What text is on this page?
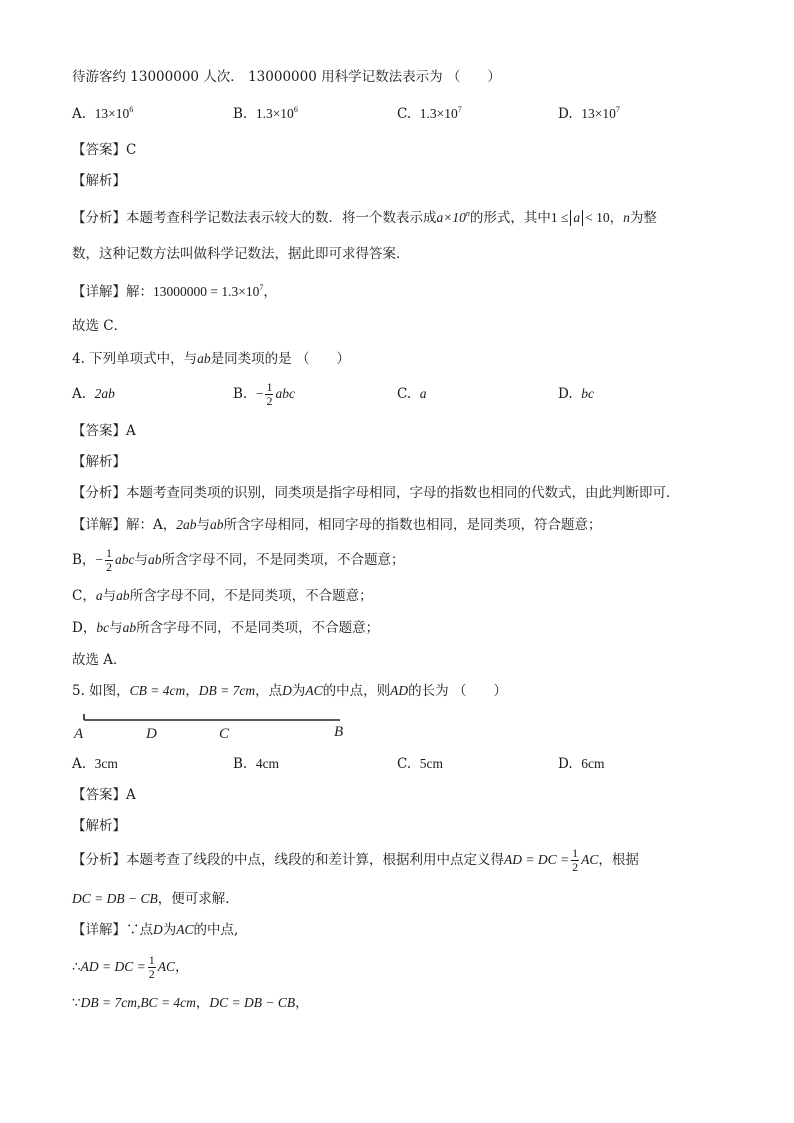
待游客约 13000000 人次． 13000000 用科学记数法表示为 （　　）
A. $13\times 10^6$	B. $1.3\times 10^6$	C. $1.3\times 10^7$	D. $13\times 10^7$
【答案】C
【解析】
【分析】本题考查科学记数法表示较大的数．将一个数表示成$a\times 10^n$的形式，其中1 ≤ a < 10，n为整
数，这种记数方法叫做科学记数法，据此即可求得答案．
【详解】解：$13000000 = 1.3\times 10^7$，
故选 C．
4. 下列单项式中，与ab是同类项的是 （　　）
A. 2ab	B. − $\frac{1}{2}$ abc	C. a	D. bc
【答案】A
【解析】
【分析】本题考查同类项的识别，同类项是指字母相同，字母的指数也相同的代数式，由此判断即可．
【详解】解：A，2ab与ab所含字母相同，相同字母的指数也相同，是同类项，符合题意；
B，− $\frac{1}{2}$ abc与ab所含字母不同，不是同类项，不合题意；
C，a与ab所含字母不同，不是同类项，不合题意；
D，bc与ab所含字母不同，不是同类项，不合题意；
故选 A．
5. 如图，CB = 4cm，DB = 7cm，点D为AC的中点，则AD的长为 （　　）
A	D	C	B
A. 3cm	B. 4cm	C. 5cm	D. 6cm
【答案】A
【解析】
【分析】本题考查了线段的中点，线段的和差计算，根据利用中点定义得AD = DC = $\frac{1}{2}$ AC，根据
DC = DB − CB，便可求解．
【详解】∵点D为AC的中点,
∴AD = DC = $\frac{1}{2}$ AC，
∵DB = 7cm,BC = 4cm，DC = DB − CB，
